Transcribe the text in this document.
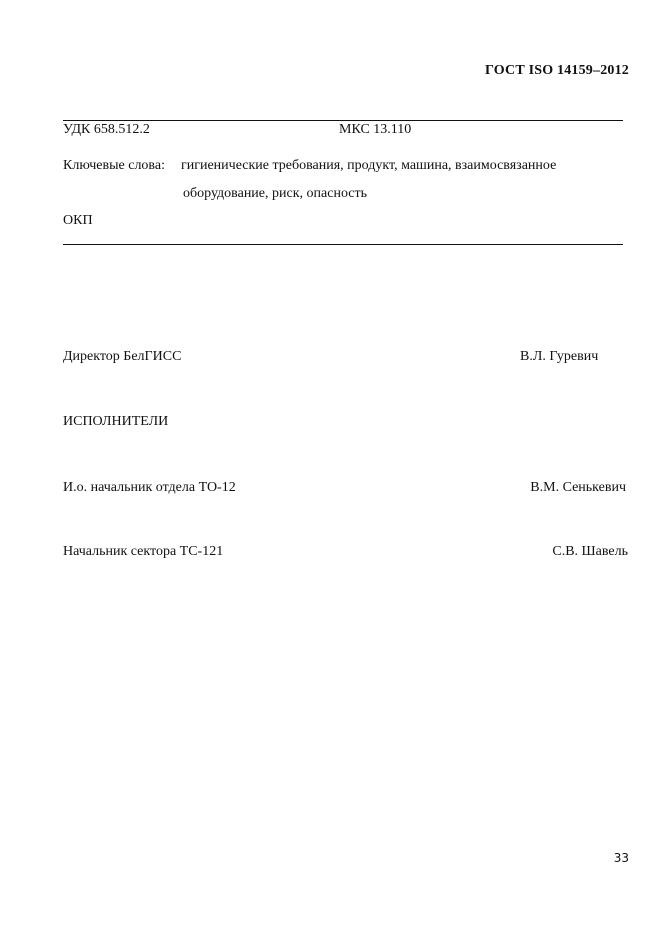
ГОСТ ISO 14159–2012
УДК 658.512.2	МКС 13.110
Ключевые слова: гигиенические требования, продукт, машина, взаимосвязанное
оборудование, риск, опасность
ОКП
Директор БелГИСС	В.Л. Гуревич
ИСПОЛНИТЕЛИ
И.о. начальник отдела ТО-12	В.М. Сенькевич
Начальник сектора ТС-121	С.В. Шавель
33
